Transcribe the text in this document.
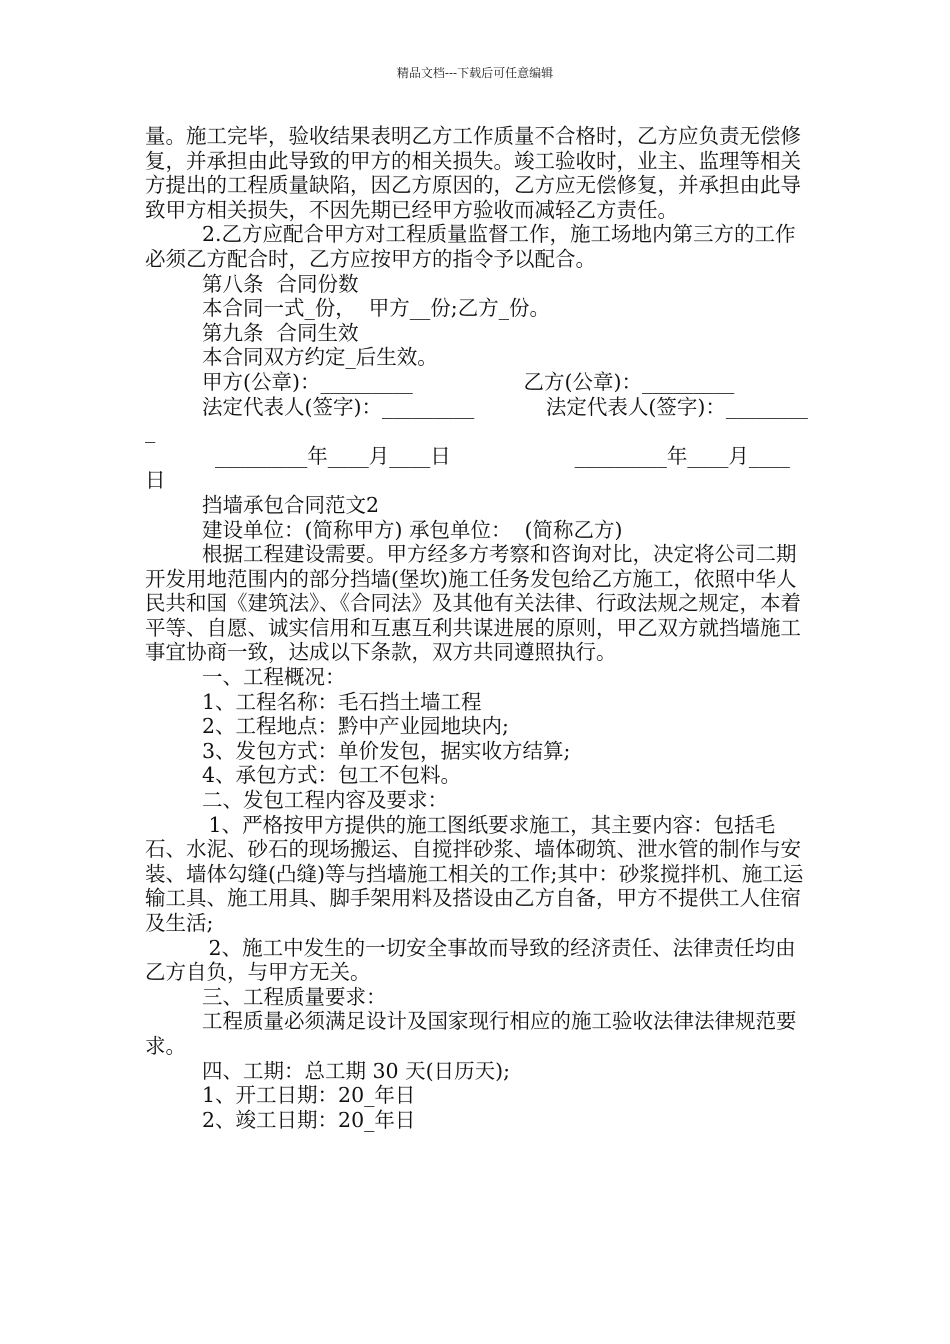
精品文档---下载后可任意编辑

量。施工完毕，验收结果表明乙方工作质量不合格时，乙方应负责无偿修复，并承担由此导致的甲方的相关损失。竣工验收时，业主、监理等相关方提出的工程质量缺陷，因乙方原因的，乙方应无偿修复，并承担由此导致甲方相关损失，不因先期已经甲方验收而减轻乙方责任。

2.乙方应配合甲方对工程质量监督工作，施工场地内第三方的工作必须乙方配合时，乙方应按甲方的指令予以配合。

第八条  合同份数

本合同一式_份，  甲方__份;乙方_份。

第九条  合同生效

本合同双方约定_后生效。

甲方(公章)：_________                 乙方(公章)：_________

法定代表人(签字)：_________           法定代表人(签字)：_________

_________年____月____日                   _________年____月____日

挡墙承包合同范文2

建设单位：(简称甲方) 承包单位：  (简称乙方)

根据工程建设需要。甲方经多方考察和咨询对比，决定将公司二期开发用地范围内的部分挡墙(堡坎)施工任务发包给乙方施工，依照中华人民共和国《建筑法》、《合同法》及其他有关法律、行政法规之规定，本着平等、自愿、诚实信用和互惠互利共谋进展的原则，甲乙双方就挡墙施工事宜协商一致，达成以下条款，双方共同遵照执行。

一、工程概况：

1、工程名称：毛石挡土墙工程

2、工程地点：黔中产业园地块内;

3、发包方式：单价发包，据实收方结算;

4、承包方式：包工不包料。

二、发包工程内容及要求：

1、严格按甲方提供的施工图纸要求施工，其主要内容：包括毛石、水泥、砂石的现场搬运、自搅拌砂浆、墙体砌筑、泄水管的制作与安装、墙体勾缝(凸缝)等与挡墙施工相关的工作;其中：砂浆搅拌机、施工运输工具、施工用具、脚手架用料及搭设由乙方自备，甲方不提供工人住宿及生活;

2、施工中发生的一切安全事故而导致的经济责任、法律责任均由乙方自负，与甲方无关。

三、工程质量要求：

工程质量必须满足设计及国家现行相应的施工验收法律法律规范要求。

四、工期：总工期 30 天(日历天);

1、开工日期：20_年日

2、竣工日期：20_年日
